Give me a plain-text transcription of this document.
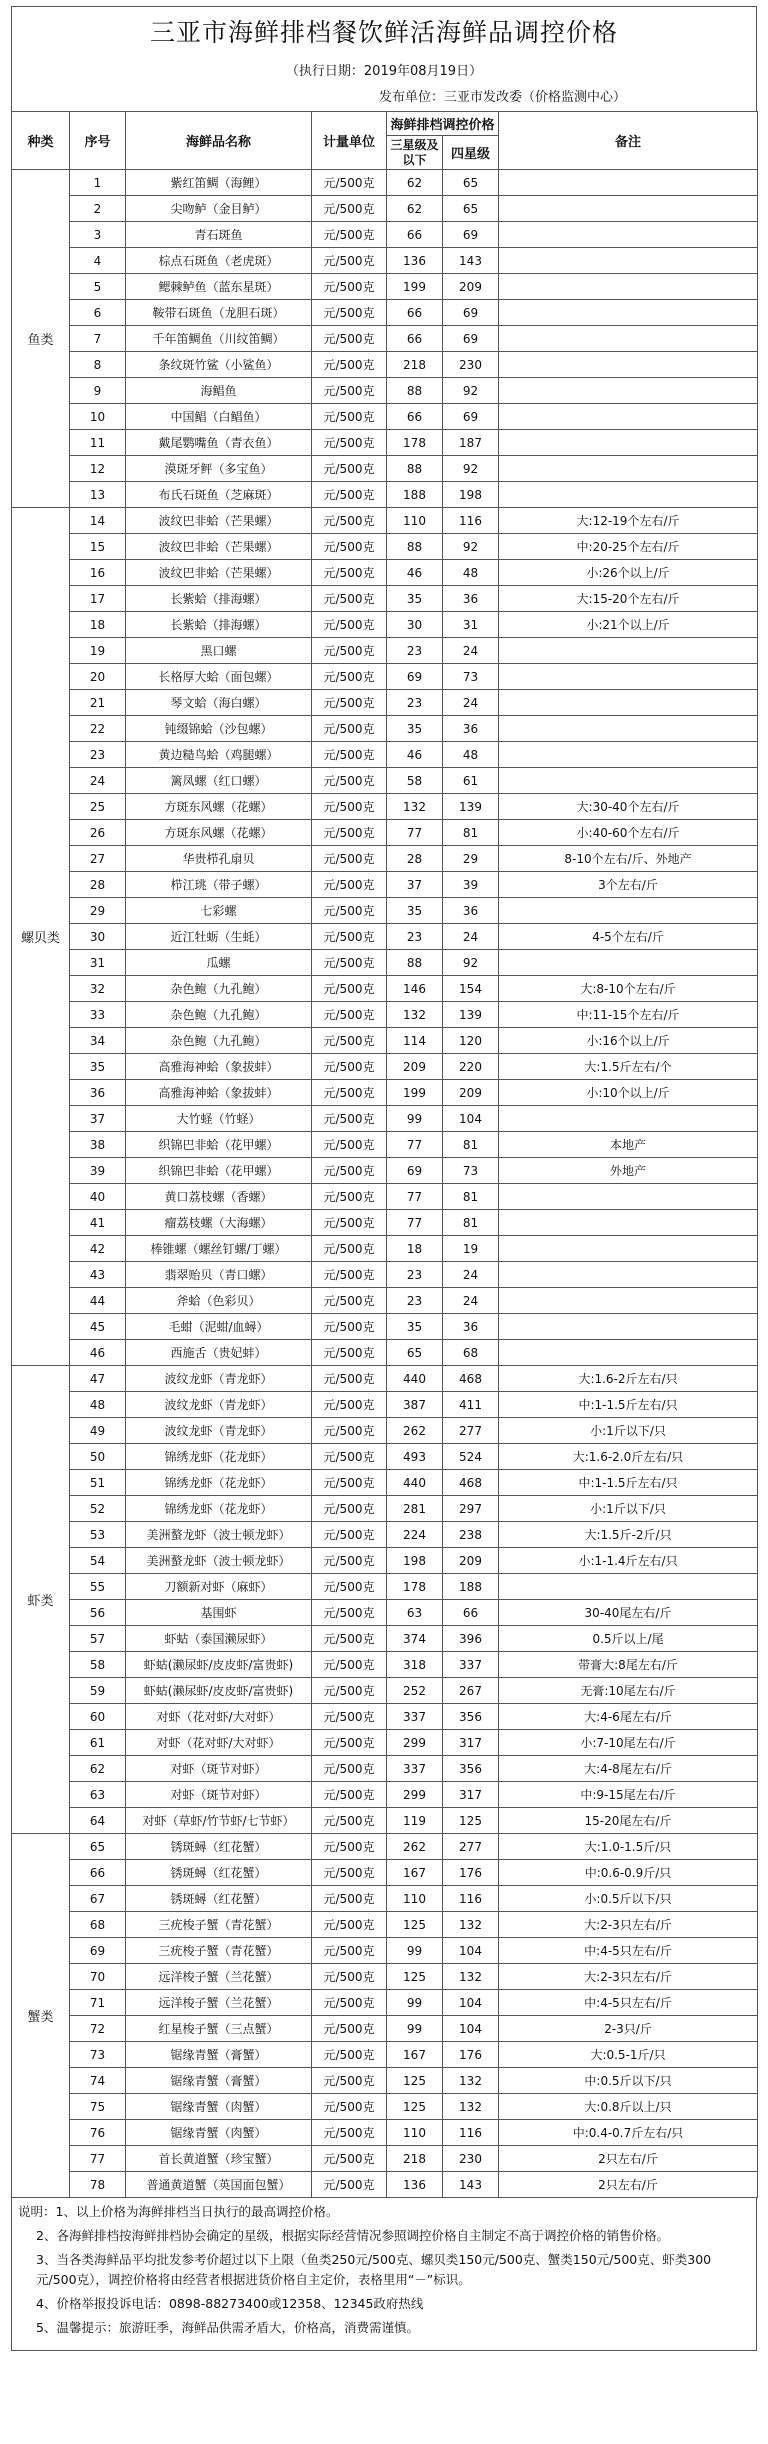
三亚市海鲜排档餐饮鲜活海鲜品调控价格
（执行日期：2019年08月19日）
发布单位：三亚市发改委（价格监测中心）
种类	序号	海鲜品名称	计量单位	海鲜排档调控价格		备注
				三星级及以下	四星级	
鱼类	1	紫红笛鲷（海鲤）	元/500克	62	65	
	2	尖吻鲈（金目鲈）	元/500克	62	65	
	3	青石斑鱼	元/500克	66	69	
	4	棕点石斑鱼（老虎斑）	元/500克	136	143	
	5	鳃棘鲈鱼（蓝东星斑）	元/500克	199	209	
	6	鞍带石斑鱼（龙胆石斑）	元/500克	66	69	
	7	千年笛鲷鱼（川纹笛鲷）	元/500克	66	69	
	8	条纹斑竹鲨（小鲨鱼）	元/500克	218	230	
	9	海鲳鱼	元/500克	88	92	
	10	中国鲳（白鲳鱼）	元/500克	66	69	
	11	戴尾鹦嘴鱼（青衣鱼）	元/500克	178	187	
	12	漠斑牙鲆（多宝鱼）	元/500克	88	92	
	13	布氏石斑鱼（芝麻斑）	元/500克	188	198	
螺贝类	14	波纹巴非蛤（芒果螺）	元/500克	110	116	大:12-19个左右/斤
	15	波纹巴非蛤（芒果螺）	元/500克	88	92	中:20-25个左右/斤
	16	波纹巴非蛤（芒果螺）	元/500克	46	48	小:26个以上/斤
	17	长紫蛤（排海螺）	元/500克	35	36	大:15-20个左右/斤
	18	长紫蛤（排海螺）	元/500克	30	31	小:21个以上/斤
	19	黑口螺	元/500克	23	24	
	20	长格厚大蛤（面包螺）	元/500克	69	73	
	21	琴文蛤（海白螺）	元/500克	23	24	
	22	钝缀锦蛤（沙包螺）	元/500克	35	36	
	23	黄边糙鸟蛤（鸡腿螺）	元/500克	46	48	
	24	篱凤螺（红口螺）	元/500克	58	61	
	25	方斑东风螺（花螺）	元/500克	132	139	大:30-40个左右/斤
	26	方斑东风螺（花螺）	元/500克	77	81	小:40-60个左右/斤
	27	华贵栉孔扇贝	元/500克	28	29	8-10个左右/斤、外地产
	28	栉江珧（带子螺）	元/500克	37	39	3个左右/斤
	29	七彩螺	元/500克	35	36	
	30	近江牡蛎（生蚝）	元/500克	23	24	4-5个左右/斤
	31	瓜螺	元/500克	88	92	
	32	杂色鲍（九孔鲍）	元/500克	146	154	大:8-10个左右/斤
	33	杂色鲍（九孔鲍）	元/500克	132	139	中:11-15个左右/斤
	34	杂色鲍（九孔鲍）	元/500克	114	120	小:16个以上/斤
	35	高雅海神蛤（象拔蚌）	元/500克	209	220	大:1.5斤左右/个
	36	高雅海神蛤（象拔蚌）	元/500克	199	209	小:10个以上/斤
	37	大竹蛏（竹蛏）	元/500克	99	104	
	38	织锦巴非蛤（花甲螺）	元/500克	77	81	本地产
	39	织锦巴非蛤（花甲螺）	元/500克	69	73	外地产
	40	黄口荔枝螺（香螺）	元/500克	77	81	
	41	瘤荔枝螺（大海螺）	元/500克	77	81	
	42	棒锥螺（螺丝钉螺/丁螺）	元/500克	18	19	
	43	翡翠贻贝（青口螺）	元/500克	23	24	
	44	斧蛤（色彩贝）	元/500克	23	24	
	45	毛蚶（泥蚶/血蟳）	元/500克	35	36	
	46	西施舌（贵妃蚌）	元/500克	65	68	
虾类	47	波纹龙虾（青龙虾）	元/500克	440	468	大:1.6-2斤左右/只
	48	波纹龙虾（青龙虾）	元/500克	387	411	中:1-1.5斤左右/只
	49	波纹龙虾（青龙虾）	元/500克	262	277	小:1斤以下/只
	50	锦绣龙虾（花龙虾）	元/500克	493	524	大:1.6-2.0斤左右/只
	51	锦绣龙虾（花龙虾）	元/500克	440	468	中:1-1.5斤左右/只
	52	锦绣龙虾（花龙虾）	元/500克	281	297	小:1斤以下/只
	53	美洲螯龙虾（波士顿龙虾）	元/500克	224	238	大:1.5斤-2斤/只
	54	美洲螯龙虾（波士顿龙虾）	元/500克	198	209	小:1-1.4斤左右/只
	55	刀额新对虾（麻虾）	元/500克	178	188	
	56	基围虾	元/500克	63	66	30-40尾左右/斤
	57	虾蛄（泰国濑尿虾）	元/500克	374	396	0.5斤以上/尾
	58	虾蛄(濑尿虾/皮皮虾/富贵虾)	元/500克	318	337	带膏大:8尾左右/斤
	59	虾蛄(濑尿虾/皮皮虾/富贵虾)	元/500克	252	267	无膏:10尾左右/斤
	60	对虾（花对虾/大对虾）	元/500克	337	356	大:4-6尾左右/斤
	61	对虾（花对虾/大对虾）	元/500克	299	317	小:7-10尾左右/斤
	62	对虾（斑节对虾）	元/500克	337	356	大:4-8尾左右/斤
	63	对虾（斑节对虾）	元/500克	299	317	中:9-15尾左右/斤
	64	对虾（草虾/竹节虾/七节虾）	元/500克	119	125	15-20尾左右/斤
蟹类	65	锈斑蟳（红花蟹）	元/500克	262	277	大:1.0-1.5斤/只
	66	锈斑蟳（红花蟹）	元/500克	167	176	中:0.6-0.9斤/只
	67	锈斑蟳（红花蟹）	元/500克	110	116	小:0.5斤以下/只
	68	三疣梭子蟹（青花蟹）	元/500克	125	132	大:2-3只左右/斤
	69	三疣梭子蟹（青花蟹）	元/500克	99	104	中:4-5只左右/斤
	70	远洋梭子蟹（兰花蟹）	元/500克	125	132	大:2-3只左右/斤
	71	远洋梭子蟹（兰花蟹）	元/500克	99	104	中:4-5只左右/斤
	72	红星梭子蟹（三点蟹）	元/500克	99	104	2-3只/斤
	73	锯缘青蟹（膏蟹）	元/500克	167	176	大:0.5-1斤/只
	74	锯缘青蟹（膏蟹）	元/500克	125	132	中:0.5斤以下/只
	75	锯缘青蟹（肉蟹）	元/500克	125	132	大:0.8斤以上/只
	76	锯缘青蟹（肉蟹）	元/500克	110	116	中:0.4-0.7斤左右/只
	77	首长黄道蟹（珍宝蟹）	元/500克	218	230	2只左右/斤
	78	普通黄道蟹（英国面包蟹）	元/500克	136	143	2只左右/斤

说明：1、以上价格为海鲜排档当日执行的最高调控价格。

2、各海鲜排档按海鲜排档协会确定的星级，根据实际经营情况参照调控价格自主制定不高于调控价格的销售价格。

3、当各类海鲜品平均批发参考价超过以下上限（鱼类250元/500克、螺贝类150元/500克、蟹类150元/500克、虾类300元/500克），调控价格将由经营者根据进货价格自主定价，表格里用“－”标识。

4、价格举报投诉电话：0898-88273400或12358、12345政府热线

5、温馨提示：旅游旺季，海鲜品供需矛盾大，价格高，消费需谨慎。
